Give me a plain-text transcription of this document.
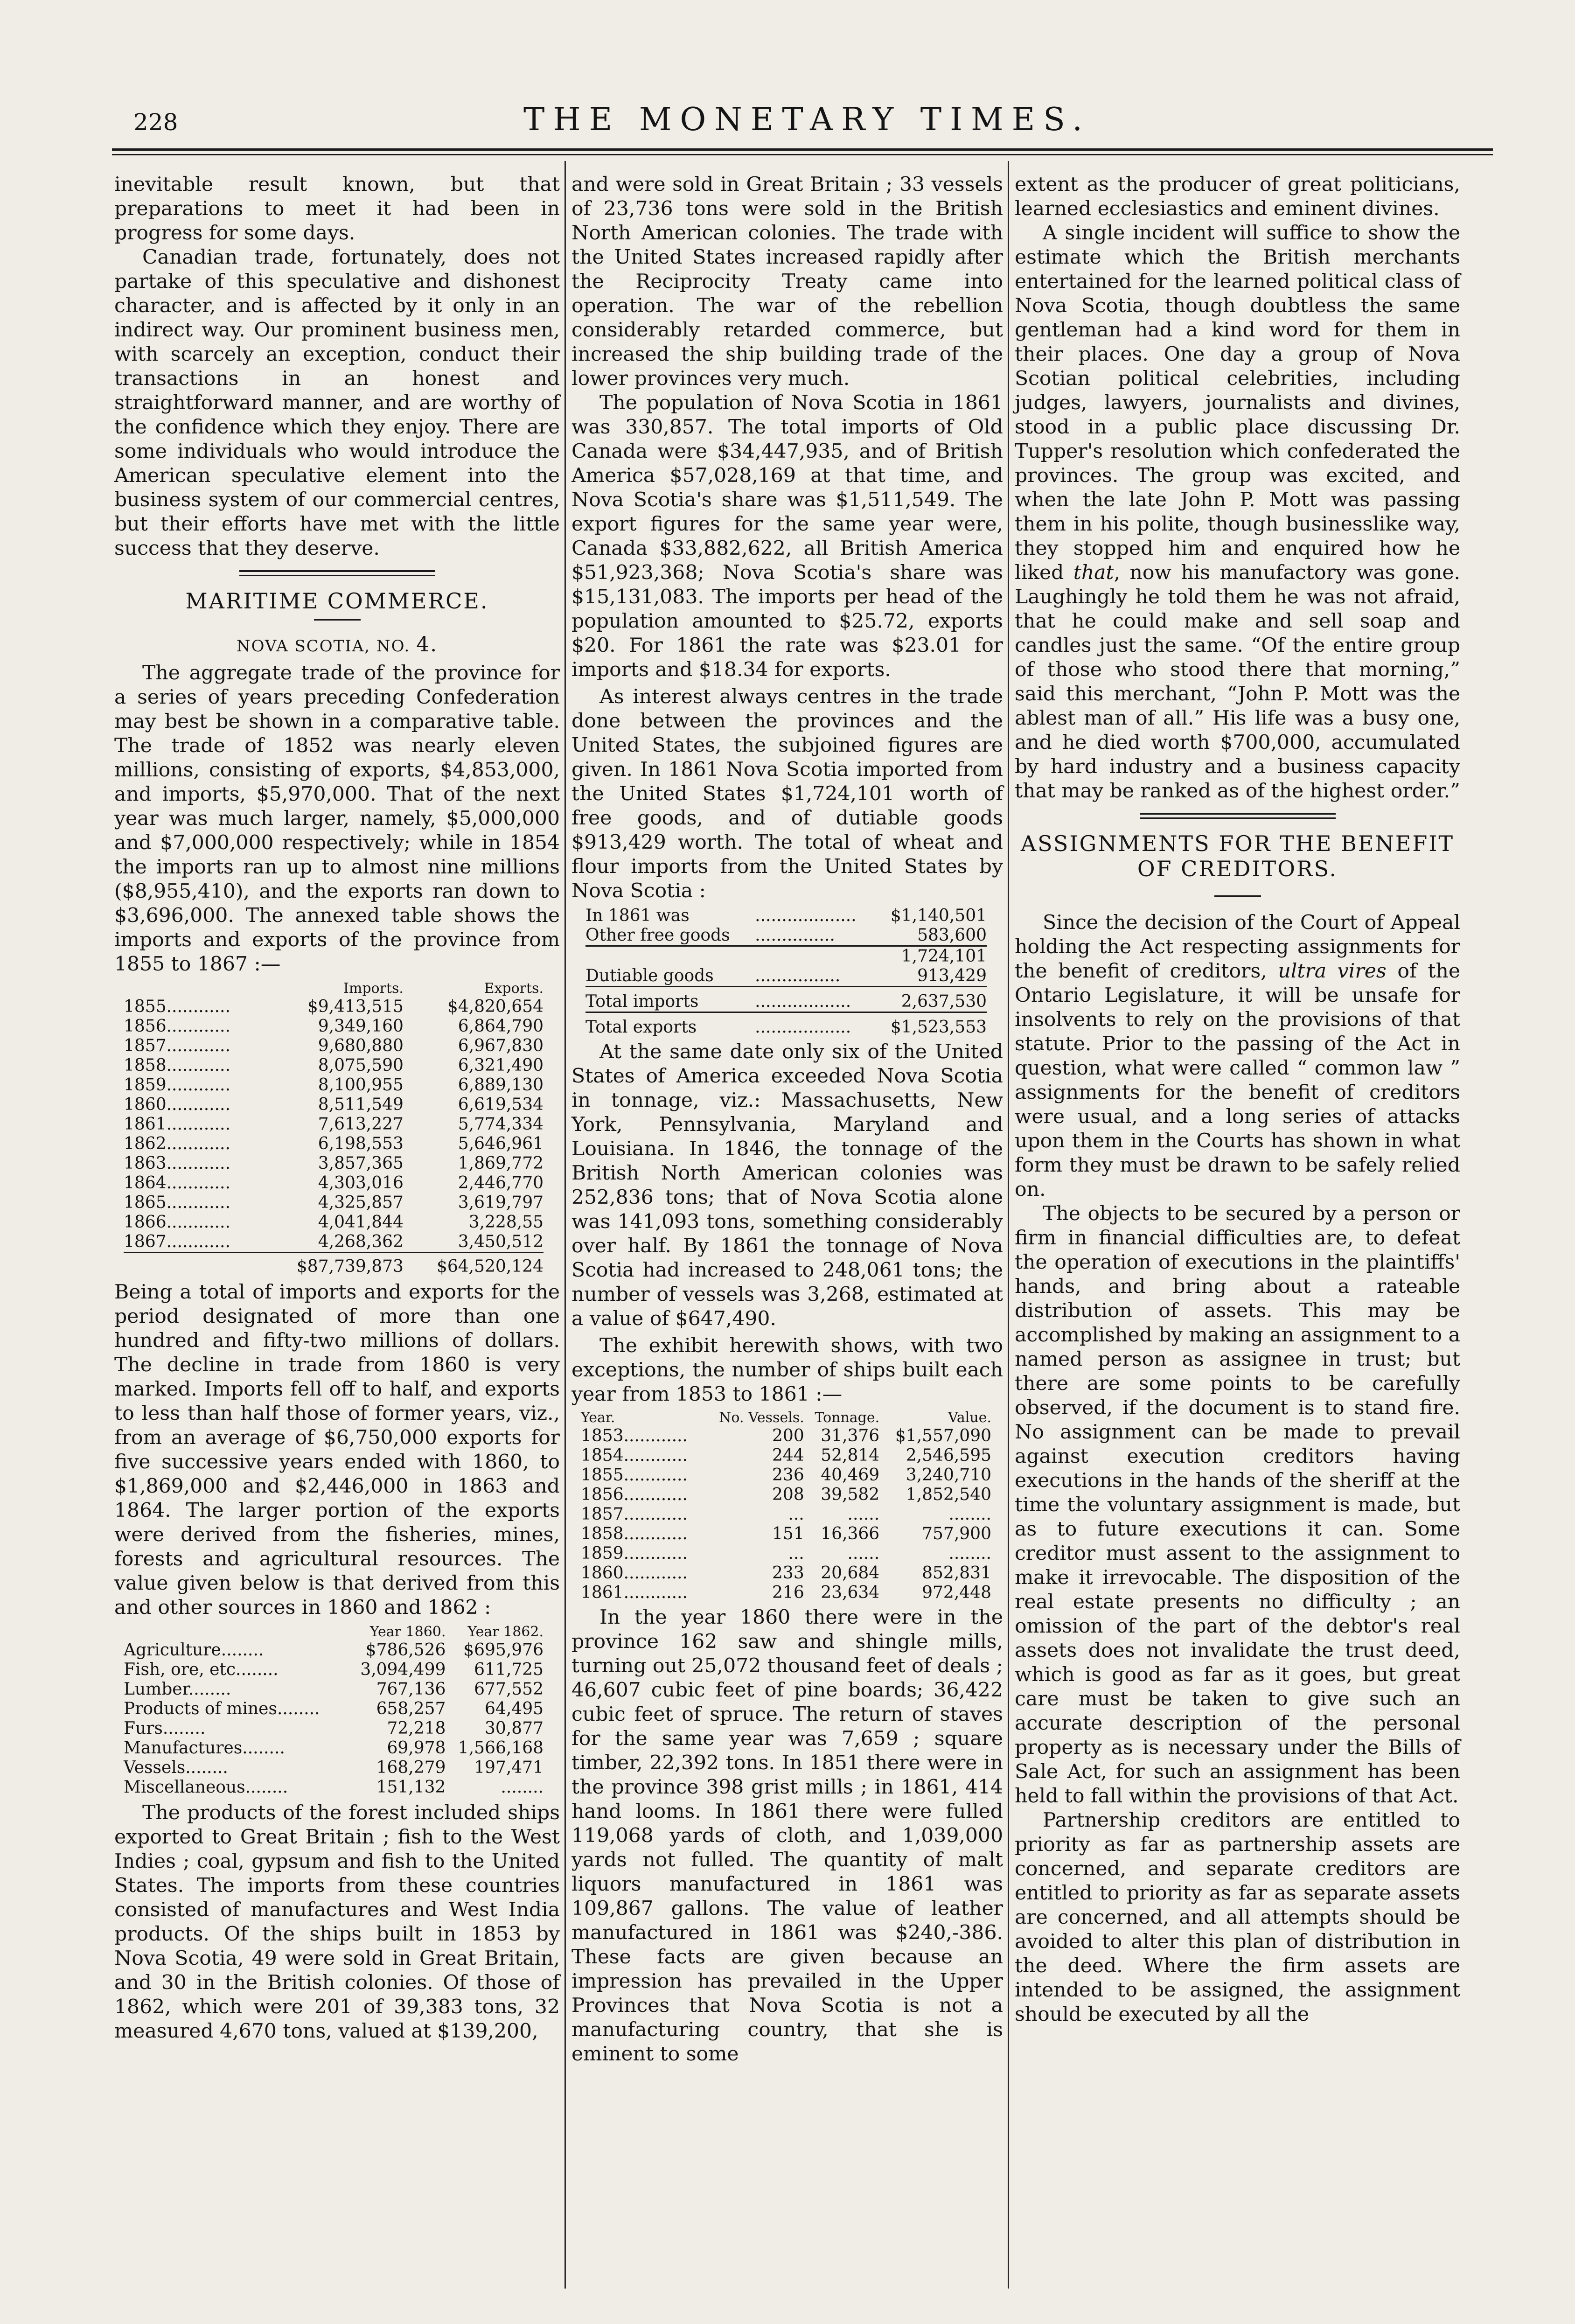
228	THE MONETARY TIMES.

inevitable result known, but that preparations to meet it had been in progress for some days.

Canadian trade, fortunately, does not partake of this speculative and dishonest character, and is affected by it only in an indirect way. Our prominent business men, with scarcely an exception, conduct their transactions in an honest and straightforward manner, and are worthy of the confidence which they enjoy. There are some individuals who would introduce the American speculative element into the business system of our commercial centres, but their efforts have met with the little success that they deserve.

MARITIME COMMERCE.
NOVA SCOTIA, NO. 4.

The aggregate trade of the province for a series of years preceding Confederation may best be shown in a comparative table. The trade of 1852 was nearly eleven millions, consisting of exports, $4,853,000, and imports, $5,970,000. That of the next year was much larger, namely, $5,000,000 and $7,000,000 respectively; while in 1854 the imports ran up to almost nine millions ($8,955,410), and the exports ran down to $3,696,000. The annexed table shows the imports and exports of the province from 1855 to 1867 :—

	Imports.	Exports.
1855............	$9,413,515	$4,820,654
1856............	9,349,160	6,864,790
1857............	9,680,880	6,967,830
1858............	8,075,590	6,321,490
1859............	8,100,955	6,889,130
1860............	8,511,549	6,619,534
1861............	7,613,227	5,774,334
1862............	6,198,553	5,646,961
1863............	3,857,365	1,869,772
1864............	4,303,016	2,446,770
1865............	4,325,857	3,619,797
1866............	4,041,844	3,228,55
1867............	4,268,362	3,450,512
	$87,739,873	$64,520,124

Being a total of imports and exports for the period designated of more than one hundred and fifty-two millions of dollars. The decline in trade from 1860 is very marked. Imports fell off to half, and exports to less than half those of former years, viz., from an average of $6,750,000 exports for five successive years ended with 1860, to $1,869,000 and $2,446,000 in 1863 and 1864. The larger portion of the exports were derived from the fisheries, mines, forests and agricultural resources. The value given below is that derived from this and other sources in 1860 and 1862 :

	Year 1860.	Year 1862.
Agriculture........	$786,526	$695,976
Fish, ore, etc........	3,094,499	611,725
Lumber........	767,136	677,552
Products of mines........	658,257	64,495
Furs........	72,218	30,877
Manufactures........	69,978	1,566,168
Vessels........	168,279	197,471
Miscellaneous........	151,132	........

The products of the forest included ships exported to Great Britain ; fish to the West Indies ; coal, gypsum and fish to the United States. The imports from these countries consisted of manufactures and West India products. Of the ships built in 1853 by Nova Scotia, 49 were sold in Great Britain, and 30 in the British colonies. Of those of 1862, which were 201 of 39,383 tons, 32 measured 4,670 tons, valued at $139,200,

and were sold in Great Britain ; 33 vessels of 23,736 tons were sold in the British North American colonies. The trade with the United States increased rapidly after the Reciprocity Treaty came into operation. The war of the rebellion considerably retarded commerce, but increased the ship building trade of the lower provinces very much.

The population of Nova Scotia in 1861 was 330,857. The total imports of Old Canada were $34,447,935, and of British America $57,028,169 at that time, and Nova Scotia's share was $1,511,549. The export figures for the same year were, Canada $33,882,622, all British America $51,923,368; Nova Scotia's share was $15,131,083. The imports per head of the population amounted to $25.72, exports $20. For 1861 the rate was $23.01 for imports and $18.34 for exports.

As interest always centres in the trade done between the provinces and the United States, the subjoined figures are given. In 1861 Nova Scotia imported from the United States $1,724,101 worth of free goods, and of dutiable goods $913,429 worth. The total of wheat and flour imports from the United States by Nova Scotia :

In 1861 was	...................	$1,140,501
Other free goods	...............	583,600
		1,724,101
Dutiable goods	................	913,429
Total imports	..................	2,637,530
Total exports	..................	$1,523,553

At the same date only six of the United States of America exceeded Nova Scotia in tonnage, viz.: Massachusetts, New York, Pennsylvania, Maryland and Louisiana. In 1846, the tonnage of the British North American colonies was 252,836 tons; that of Nova Scotia alone was 141,093 tons, something considerably over half. By 1861 the tonnage of Nova Scotia had increased to 248,061 tons; the number of vessels was 3,268, estimated at a value of $647,490.

The exhibit herewith shows, with two exceptions, the number of ships built each year from 1853 to 1861 :—

Year.	No. Vessels.	Tonnage.	Value.
1853............	200	31,376	$1,557,090
1854............	244	52,814	2,546,595
1855............	236	40,469	3,240,710
1856............	208	39,582	1,852,540
1857............	...	......	........
1858............	151	16,366	757,900
1859............	...	......	........
1860............	233	20,684	852,831
1861............	216	23,634	972,448

In the year 1860 there were in the province 162 saw and shingle mills, turning out 25,072 thousand feet of deals ; 46,607 cubic feet of pine boards; 36,422 cubic feet of spruce. The return of staves for the same year was 7,659 ; square timber, 22,392 tons. In 1851 there were in the province 398 grist mills ; in 1861, 414 hand looms. In 1861 there were fulled 119,068 yards of cloth, and 1,039,000 yards not fulled. The quantity of malt liquors manufactured in 1861 was 109,867 gallons. The value of leather manufactured in 1861 was $240,-386. These facts are given because an impression has prevailed in the Upper Provinces that Nova Scotia is not a manufacturing country, that she is eminent to some

extent as the producer of great politicians, learned ecclesiastics and eminent divines.

A single incident will suffice to show the estimate which the British merchants entertained for the learned political class of Nova Scotia, though doubtless the same gentleman had a kind word for them in their places. One day a group of Nova Scotian political celebrities, including judges, lawyers, journalists and divines, stood in a public place discussing Dr. Tupper's resolution which confederated the provinces. The group was excited, and when the late John P. Mott was passing them in his polite, though businesslike way, they stopped him and enquired how he liked that, now his manufactory was gone. Laughingly he told them he was not afraid, that he could make and sell soap and candles just the same. “Of the entire group of those who stood there that morning,” said this merchant, “John P. Mott was the ablest man of all.” His life was a busy one, and he died worth $700,000, accumulated by hard industry and a business capacity that may be ranked as of the highest order.”

ASSIGNMENTS FOR THE BENEFIT OF CREDITORS.

Since the decision of the Court of Appeal holding the Act respecting assignments for the benefit of creditors, ultra vires of the Ontario Legislature, it will be unsafe for insolvents to rely on the provisions of that statute. Prior to the passing of the Act in question, what were called “ common law ” assignments for the benefit of creditors were usual, and a long series of attacks upon them in the Courts has shown in what form they must be drawn to be safely relied on.

The objects to be secured by a person or firm in financial difficulties are, to defeat the operation of executions in the plaintiffs' hands, and bring about a rateable distribution of assets. This may be accomplished by making an assignment to a named person as assignee in trust; but there are some points to be carefully observed, if the document is to stand fire. No assignment can be made to prevail against execution creditors having executions in the hands of the sheriff at the time the voluntary assignment is made, but as to future executions it can. Some creditor must assent to the assignment to make it irrevocable. The disposition of the real estate presents no difficulty ; an omission of the part of the debtor's real assets does not invalidate the trust deed, which is good as far as it goes, but great care must be taken to give such an accurate description of the personal property as is necessary under the Bills of Sale Act, for such an assignment has been held to fall within the provisions of that Act.

Partnership creditors are entitled to priority as far as partnership assets are concerned, and separate creditors are entitled to priority as far as separate assets are concerned, and all attempts should be avoided to alter this plan of distribution in the deed. Where the firm assets are intended to be assigned, the assignment should be executed by all the
